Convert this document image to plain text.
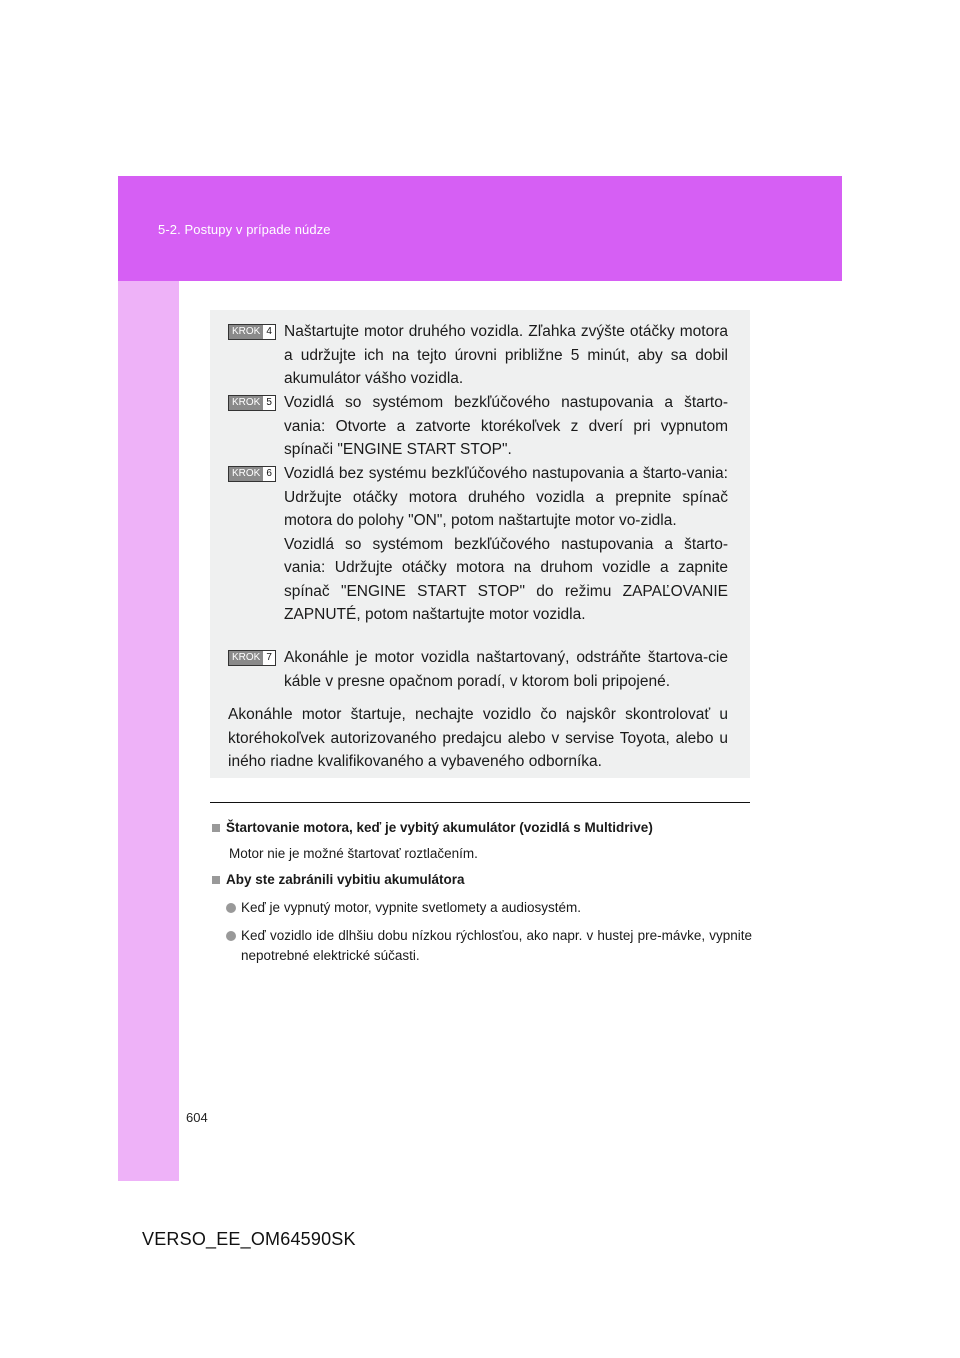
5-2. Postupy v prípade núdze
KROK 4 Naštartujte motor druhého vozidla. Zľahka zvýšte otáčky motora a udržujte ich na tejto úrovni približne 5 minút, aby sa dobil akumulátor vášho vozidla.
KROK 5 Vozidlá so systémom bezkľúčového nastupovania a štarto-vania: Otvorte a zatvorte ktorékoľvek z dverí pri vypnutom spínači "ENGINE START STOP".
KROK 6 Vozidlá bez systému bezkľúčového nastupovania a štarto-vania: Udržujte otáčky motora druhého vozidla a prepnite spínač motora do polohy "ON", potom naštartujte motor vo-zidla.
Vozidlá so systémom bezkľúčového nastupovania a štarto-vania: Udržujte otáčky motora na druhom vozidle a zapnite spínač "ENGINE START STOP" do režimu ZAPAĽOVANIE ZAPNUTÉ, potom naštartujte motor vozidla.
KROK 7 Akonáhle je motor vozidla naštartovaný, odstráňte štartova-cie káble v presne opačnom poradí, v ktorom boli pripojené.
Akonáhle motor štartuje, nechajte vozidlo čo najskôr skontrolovať u ktoréhokoľvek autorizovaného predajcu alebo v servise Toyota, alebo u iného riadne kvalifikovaného a vybaveného odborníka.
Štartovanie motora, keď je vybitý akumulátor (vozidlá s Multidrive)
Motor nie je možné štartovať roztlačením.
Aby ste zabránili vybitiu akumulátora
Keď je vypnutý motor, vypnite svetlomety a audiosystém.
Keď vozidlo ide dlhšiu dobu nízkou rýchlosťou, ako napr. v hustej pre-mávke, vypnite nepotrebné elektrické súčasti.
604
VERSO_EE_OM64590SK
